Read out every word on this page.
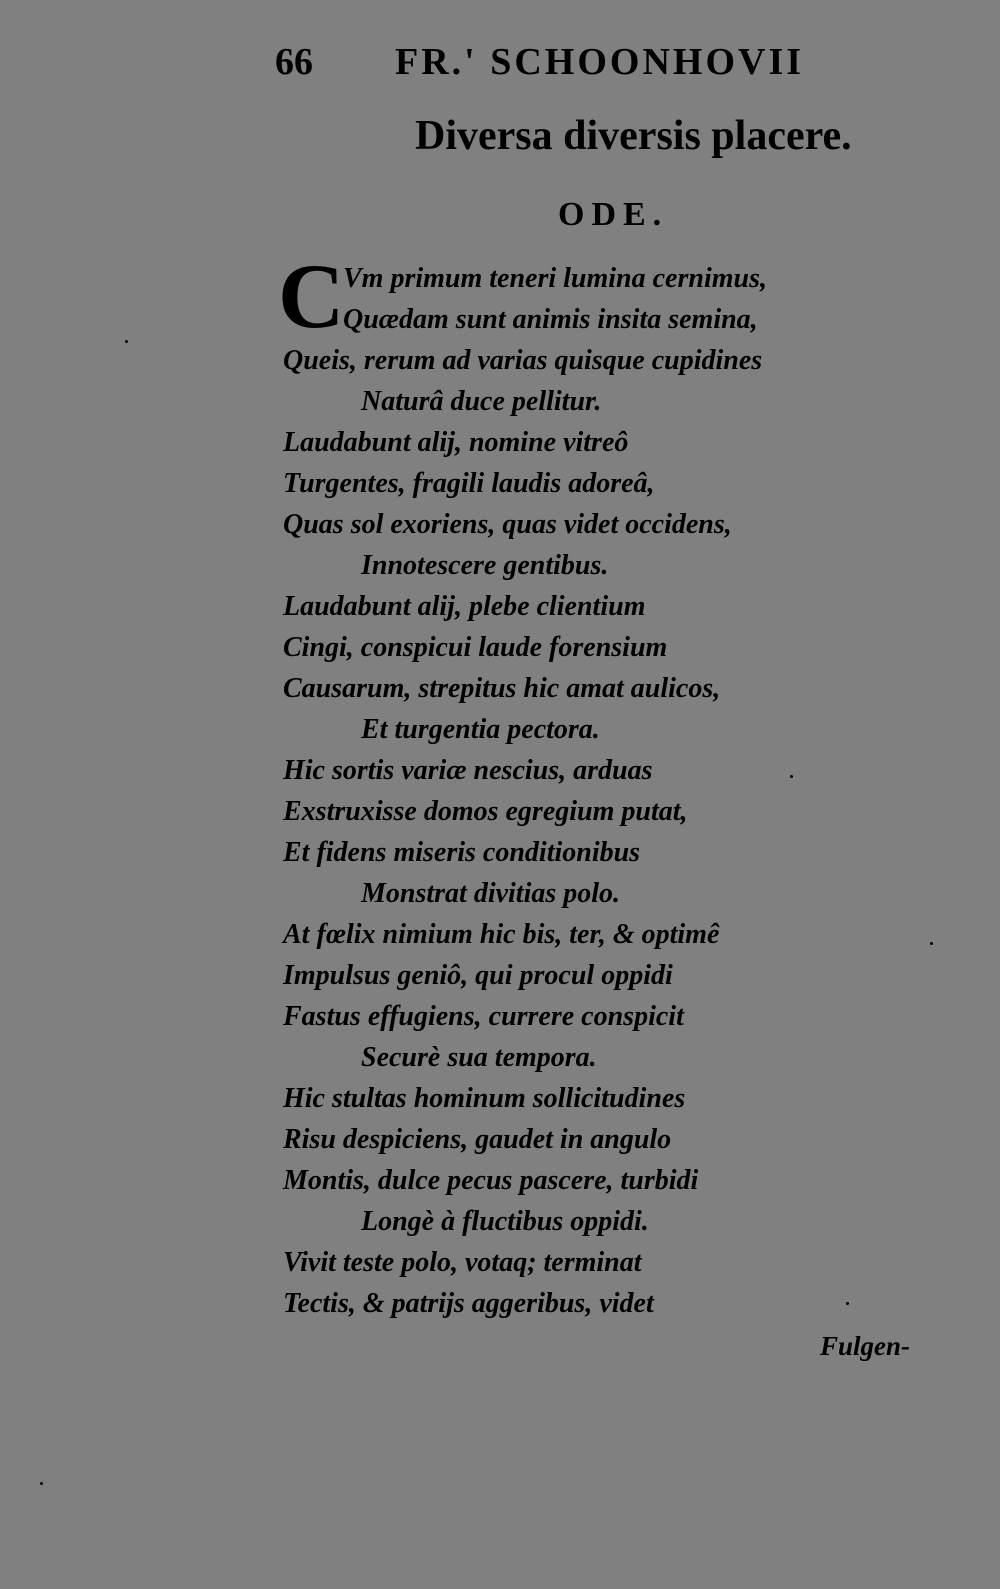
66 FR.' SCHOONHOVII
Diversa diversis placere.
ODE.
C
Vm primum teneri lumina cernimus,
Quædam sunt animis insita semina,
Queis, rerum ad varias quisque cupidines
Naturâ duce pellitur.
Laudabunt alij, nomine vitreô
Turgentes, fragili laudis adoreâ,
Quas sol exoriens, quas videt occidens,
Innotescere gentibus.
Laudabunt alij, plebe clientium
Cingi, conspicui laude forensium
Causarum, strepitus hic amat aulicos,
Et turgentia pectora.
Hic sortis variæ nescius, arduas
Exstruxisse domos egregium putat,
Et fidens miseris conditionibus
Monstrat divitias polo.
At fœlix nimium hic bis, ter, & optimê
Impulsus geniô, qui procul oppidi
Fastus effugiens, currere conspicit
Securè sua tempora.
Hic stultas hominum sollicitudines
Risu despiciens, gaudet in angulo
Montis, dulce pecus pascere, turbidi
Longè à fluctibus oppidi.
Vivit teste polo, votaq; terminat
Tectis, & patrijs aggeribus, videt
Fulgen-
